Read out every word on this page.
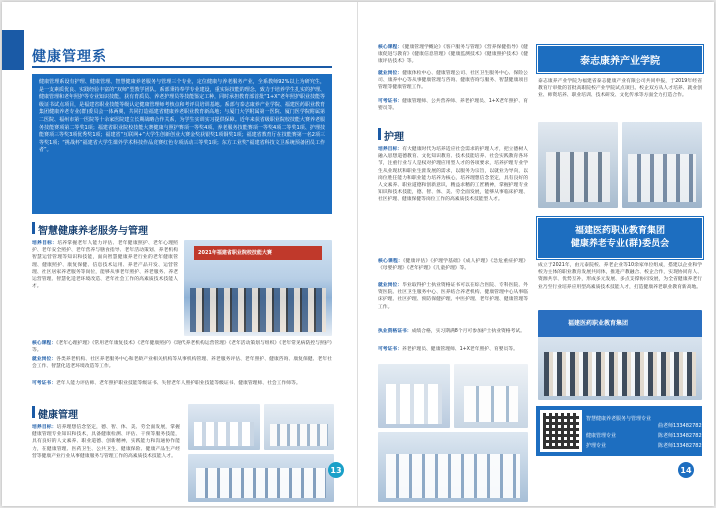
健康管理系
健康管理系设有护理、健康管理、智慧健康养老服务与管理三个专业，定位健康与养老服务产业，全系教师92%以上为研究生，是一支素质优良、实践经验丰富的“双师”型教学团队。系部秉持奉学专业建设，重实际技能的理念，致力于培养学生扎实的护理、健康管理和老年照护等专业知识技能，获有育质员、养老护理员等技能鉴定工种，同时承担教育部首批“1+X”老年照护职业技能等级证书试点项目，是福建省职业技能等级认定健康管理师考核点和考评员培训基地。系部与泰志康养产业学院、福建医药职业教育集团健康养老专业(群)委员会一体两翼，共同打造福建省健康养老职业教育新高地；与厦门大学附属第一医院、厦门医学院附属第二医院、福州市第一医院等十余家医院建立长期战略合作关系，为学生实训实习提供保障。近年来获省级职业院校技能大赛养老服务技能赛项第二等奖1项；福建省职业院校技能大赛健康与照护赛项一等奖4项、养老服务技能赛项一等奖4项二等奖1项、护理技能赛项三等奖3项优秀奖1项；福建省“互联网+”大学生创新创业大赛金奖获银奖1项铜奖1项；福建省教育厅在技能赛第一名2项三等奖1项；“挑战杯”福建省大学生课外学术科技作品竞赛红色专项活动三等奖1项；东方工业奖“福建省科技文卫系统预备团员工作者”。
智慧健康养老服务与管理
培养目标：培养掌握老年人能力评估、老年健康照护、老年心理照护、老年安全照护、老年营养与膳食指导、老年活动策划、养老机构智慧运营管理等知识和技能，面向智慧健康养老行业的老年健康管理、健康照护、康复保健、信息技术运用、养老产品开发、运营管理、社区居家养老服务等岗位，能够从事老年照护、养老服务、养老运营管理、智慧化适老环境改造、老年社会工作的高素质技术技能人才。
2021年福建省职业院校技能大赛
核心课程：《老年心理护理》《常用老年康复技术》《老年健康照护》《现代养老机构运营管理》《老年活动策划与组织》《老年常见病防控与照护》等。
就业岗位：各类养老机构、社区养老服务中心和老龄产业相关机构等从事机构管理、养老服务评估、老年照护、健康咨询、康复保健、老年社会工作、智慧化适老环境改造等工作。
可考证书：老年人能力评估师、老年照护职业技能等级证书、失智老年人照护职业技能等级证书、健康管理师、社会工作师等。
健康管理
培养目标：培养理想信念坚定，德、智、体、美、劳全面发展，掌握健康管理专业知识和技术，具备健康检测、评估、干预等服务技能，具有良好的人文素养、职业道德、创新精神，实践能力和沟通协作能力，在健康管理、医药卫生、公共卫生、健康保险、健康产品生产经营等健康产业行业从事健康服务与管理工作的高素质技术技能人才。
13
核心课程：《健康管理学概论》《客户服务与管理》《营养保健指导》《健康促进与教育》《健康信息管理》《健康监测技术》《健康照护技术》《健康评估技术》等。
就业岗位：健康体检中心、健康管理公司、社区卫生服务中心、保险公司、康养中心等从事健康管理与咨询、健康咨询与服务、智慧健康项目管理等健康管理工作。
可考证书：健康管理师、公共营养师、养老护理员、1+X老年照护、育婴员等。
护理
培养目标：有大健康时代为培养适应社会需求的护理人才，把立德树人融入思想道德教育、文化知识教育、技术技能培养、社会实践教育各环节，注重行业与人是权对护理应用型人才的各项要求，培养护理专业学生从业现状和职业生涯发展的需求，以服务为宗旨，以就业为导向，以岗位胜任能力和职业能力培养为核心，培养理想信念坚定，具有良好的人文素养、职业道德和创新意识，精益求精的工匠精神，掌握护理专业知识和技术技能，德、智、体、美、劳全面发展，能够从事临床护理、社区护理、健康保健等岗位工作的高素质技术技能型人才。
核心课程：《健康评估》《护理学基础》《成人护理》《急危重症护理》《母婴护理》《老年护理》《儿童护理》等。
就业岗位：毕业取得护士执业资格证书可以在综合医院、专科医院、外资医院、社区卫生服务中心、医养结合养老机构、健康管理中心从事临床护理、社区护理、预防保健护理、中医护理、老年护理、健康管理等工作。
执业资格证书：成绩合格，实习期满8个月可参加护士执业资格考试。
可考证书：养老护理员、健康管理师、1+X老年照护、育婴员等。
泰志康养产业学院
泰志康养产业学院为福建省泰志健康产业有限公司共同申报，于2019年经省教育厅审批的首批高职院校产业学院试点项目。校企双方从人才培养、就业创业、师资培养、职业培训、技术研发、文化传承等方面全力打造合作。
福建医药职业教育集团
健康养老专业(群)委员会
成立于2021年，由元泰院校、养老企业等10余家单位组成，搭建以企业和学校为主体的职业教育发展共同体，推进产教融合、校企合作，实现协同育人、资源共享、优势互补，形成多元发展、多点支撑协同发展，为全省健康养老行业乃至行业培养应用型高素质技术技能人才，打造健康养老职业教育新高地。
福建医药职业教育集团
14
智慧健康养老服务与管理专业
曲老师13348278290
健康管理专业	陈老师13348278290
护理专业	陈老师13348278290
